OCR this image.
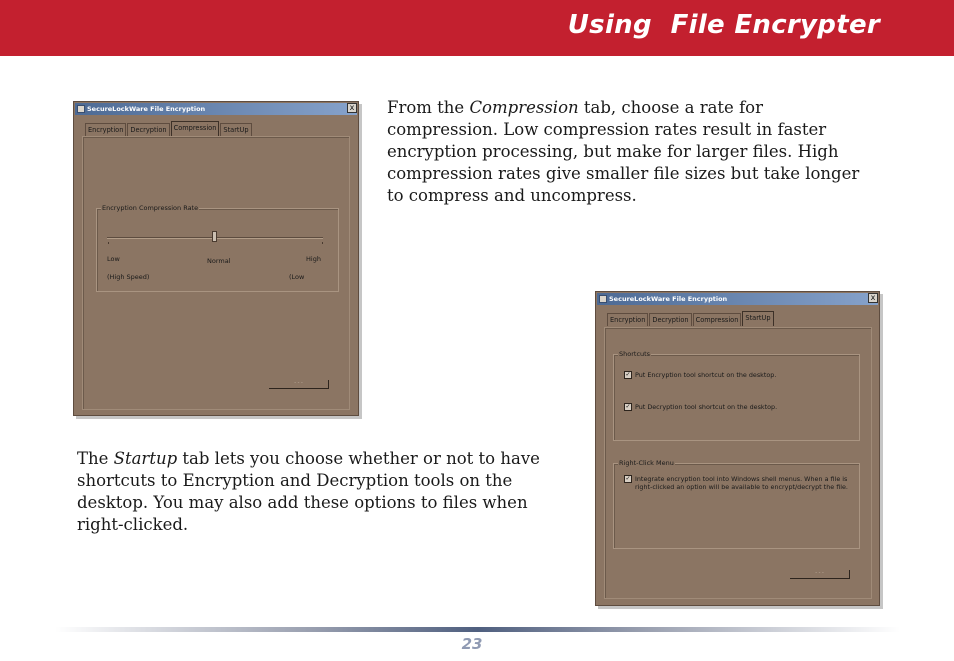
Using  File Encrypter
From the Compression tab, choose a rate for compression. Low compression rates result in faster encryption processing, but make for larger files. High compression rates give smaller file sizes but take longer to compress and uncompress.
SecureLockWare File Encryption	x
Encryption	Decryption	Compression	StartUp
Encryption Compression Rate
Low	Normal	High
(High Speed)	(Low
- - -
The Startup tab lets you choose whether or not to have shortcuts to Encryption and Decryption tools on the desktop. You may also add these options to files when right-clicked.
SecureLockWare File Encryption	x
Encryption	Decryption	Compression	StartUp
Shortcuts
✓ Put Encryption tool shortcut on the desktop.
✓ Put Decryption tool shortcut on the desktop.
Right-Click Menu
✓ Integrate encryption tool into Windows shell menus. When a file is right-clicked an option will be available to encrypt/decrypt the file.
- - -
23
